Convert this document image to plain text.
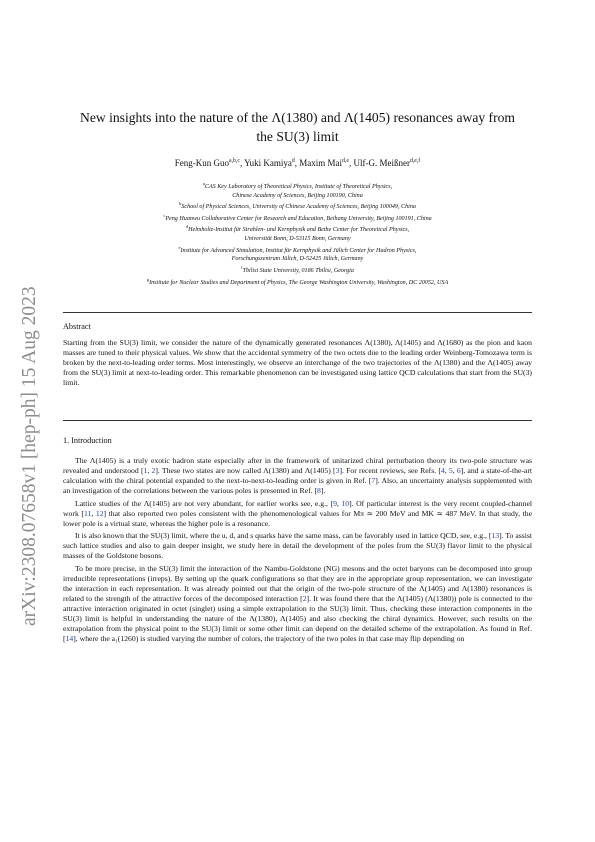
arXiv:2308.07658v1 [hep-ph] 15 Aug 2023
New insights into the nature of the Λ(1380) and Λ(1405) resonances away from
the SU(3) limit
Feng-Kun Guo$^{a,b,c}$, Yuki Kamiya$^d$, Maxim Mai$^{d,e}$, Ulf-G. Meißner$^{d,e,f}$
$^a$CAS Key Laboratory of Theoretical Physics, Institute of Theoretical Physics,
Chinese Academy of Sciences, Beijing 100190, China
$^b$School of Physical Sciences, University of Chinese Academy of Sciences, Beijing 100049, China
$^c$Peng Huanwu Collaborative Center for Research and Education, Beihang University, Beijing 100191, China
$^d$Helmholtz-Institut für Strahlen- und Kernphysik and Bethe Center for Theoretical Physics,
Universität Bonn, D-53115 Bonn, Germany
$^e$Institute for Advanced Simulation, Institut für Kernphysik and Jülich Center for Hadron Physics,
Forschungszentrum Jülich, D-52425 Jülich, Germany
$^f$Tbilisi State University, 0186 Tbilisi, Georgia
$^g$Institute for Nuclear Studies and Department of Physics, The George Washington University, Washington, DC 20052, USA
Abstract
Starting from the SU(3) limit, we consider the nature of the dynamically generated resonances Λ(1380), Λ(1405) and Λ(1680) as the pion and kaon masses are tuned to their physical values. We show that the accidental symmetry of the two octets due to the leading order Weinberg-Tomozawa term is broken by the next-to-leading order terms. Most interestingly, we observe an interchange of the two trajectories of the Λ(1380) and the Λ(1405) away from the SU(3) limit at next-to-leading order. This remarkable phenomenon can be investigated using lattice QCD calculations that start from the SU(3) limit.
1. Introduction

The Λ(1405) is a truly exotic hadron state especially after in the framework of unitarized chiral perturbation theory its two-pole structure was revealed and understood [1, 2]. These two states are now called Λ(1380) and Λ(1405) [3]. For recent reviews, see Refs. [4, 5, 6], and a state-of-the-art calculation with the chiral potential expanded to the next-to-next-to-leading order is given in Ref. [7]. Also, an uncertainty analysis supplemented with an investigation of the correlations between the various poles is presented in Ref. [8].

Lattice studies of the Λ(1405) are not very abundant, for earlier works see, e.g., [9, 10]. Of particular interest is the very recent coupled-channel work [11, 12] that also reported two poles consistent with the phenomenological values for Mπ ≃ 200 MeV and MK ≃ 487 MeV. In that study, the lower pole is a virtual state, whereas the higher pole is a resonance.

It is also known that the SU(3) limit, where the u, d, and s quarks have the same mass, can be favorably used in lattice QCD, see, e.g., [13]. To assist such lattice studies and also to gain deeper insight, we study here in detail the development of the poles from the SU(3) flavor limit to the physical masses of the Goldstone bosons.

To be more precise, in the SU(3) limit the interaction of the Nambu-Goldstone (NG) mesons and the octet baryons can be decomposed into group irreducible representations (irreps). By setting up the quark configurations so that they are in the appropriate group representation, we can investigate the interaction in each representation. It was already pointed out that the origin of the two-pole structure of the Λ(1405) and Λ(1380) resonances is related to the strength of the attractive forces of the decomposed interaction [2]. It was found there that the Λ(1405) (Λ(1380)) pole is connected to the attractive interaction originated in octet (singlet) using a simple extrapolation to the SU(3) limit. Thus, checking these interaction components in the SU(3) limit is helpful in understanding the nature of the Λ(1380), Λ(1405) and also checking the chiral dynamics. However, such results on the extrapolation from the physical point to the SU(3) limit or some other limit can depend on the detailed scheme of the extrapolation. As found in Ref. [14], where the a₁(1260) is studied varying the number of colors, the trajectory of the two poles in that case may flip depending on
